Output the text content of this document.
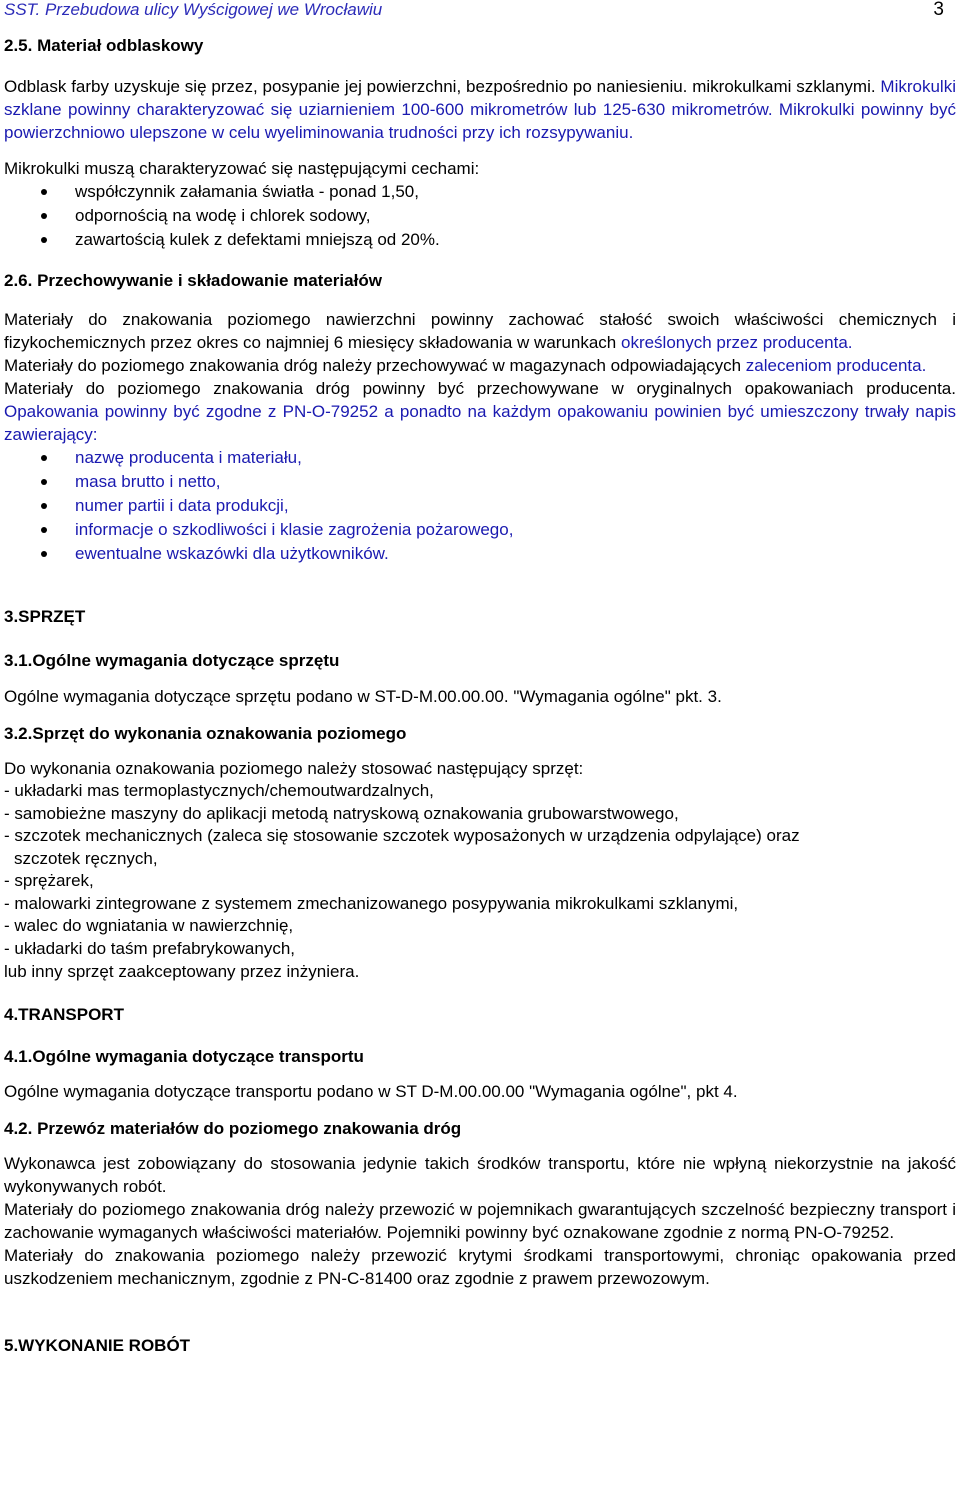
SST. Przebudowa ulicy Wyścigowej we Wrocławiu	3
2.5. Materiał odblaskowy

Odblask farby uzyskuje się przez, posypanie jej powierzchni, bezpośrednio po naniesieniu. mikrokulkami szklanymi. Mikrokulki szklane powinny charakteryzować się uziarnieniem 100-600 mikrometrów lub 125-630 mikrometrów. Mikrokulki powinny być powierzchniowo ulepszone w celu wyeliminowania trudności przy ich rozsypywaniu.

Mikrokulki muszą charakteryzować się następującymi cechami:

współczynnik załamania światła - ponad 1,50,
odpornością na wodę i chlorek sodowy,
zawartością kulek z defektami mniejszą od 20%.
2.6. Przechowywanie i składowanie materiałów

Materiały do znakowania poziomego nawierzchni powinny zachować stałość swoich właściwości chemicznych i fizykochemicznych przez okres co najmniej 6 miesięcy składowania w warunkach określonych przez producenta.

Materiały do poziomego znakowania dróg należy przechowywać w magazynach odpowiadających zaleceniom producenta.

Materiały do poziomego znakowania dróg powinny być przechowywane w oryginalnych opakowaniach producenta. Opakowania powinny być zgodne z PN-O-79252 a ponadto na każdym opakowaniu powinien być umieszczony trwały napis zawierający:

nazwę producenta i materiału,
masa brutto i netto,
numer partii i data produkcji,
informacje o szkodliwości i klasie zagrożenia pożarowego,
ewentualne wskazówki dla użytkowników.
3.SPRZĘT
3.1.Ogólne wymagania dotyczące sprzętu

Ogólne wymagania dotyczące sprzętu podano w ST-D-M.00.00.00. "Wymagania ogólne" pkt. 3.

3.2.Sprzęt do wykonania oznakowania poziomego

Do wykonania oznakowania poziomego należy stosować następujący sprzęt:

- układarki mas termoplastycznych/chemoutwardzalnych,
- samobieżne maszyny do aplikacji metodą natryskową oznakowania grubowarstwowego,
- szczotek mechanicznych (zaleca się stosowanie szczotek wyposażonych w urządzenia odpylające) oraz
szczotek ręcznych,
- sprężarek,
- malowarki zintegrowane z systemem zmechanizowanego posypywania mikrokulkami szklanymi,
- walec do wgniatania w nawierzchnię,
- układarki do taśm prefabrykowanych,

lub inny sprzęt zaakceptowany przez inżyniera.

4.TRANSPORT
4.1.Ogólne wymagania dotyczące transportu

Ogólne wymagania dotyczące transportu podano w ST D-M.00.00.00 "Wymagania ogólne", pkt 4.

4.2. Przewóz materiałów do poziomego znakowania dróg

Wykonawca jest zobowiązany do stosowania jedynie takich środków transportu, które nie wpłyną niekorzystnie na jakość wykonywanych robót.

Materiały do poziomego znakowania dróg należy przewozić w pojemnikach gwarantujących szczelność bezpieczny transport i zachowanie wymaganych właściwości materiałów. Pojemniki powinny być oznakowane zgodnie z normą PN-O-79252.

Materiały do znakowania poziomego należy przewozić krytymi środkami transportowymi, chroniąc opakowania przed uszkodzeniem mechanicznym, zgodnie z PN-C-81400 oraz zgodnie z prawem przewozowym.

5.WYKONANIE ROBÓT
